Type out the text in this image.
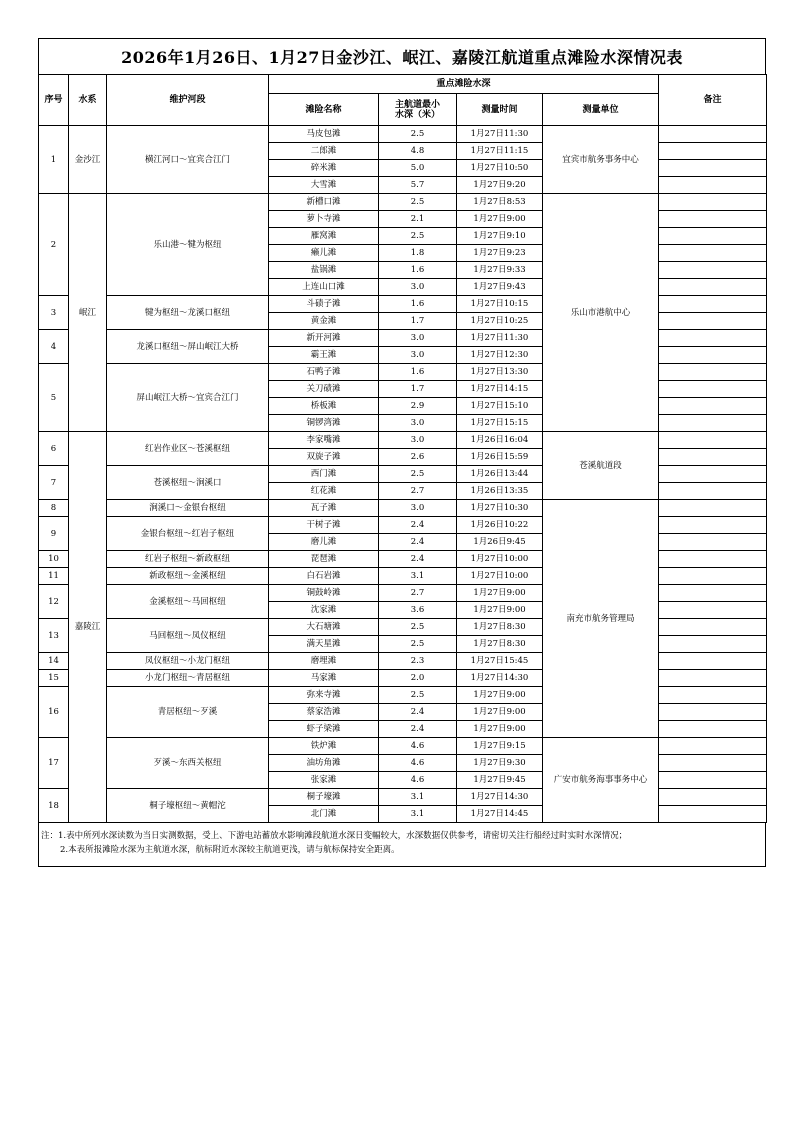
2026年1月26日、1月27日金沙江、岷江、嘉陵江航道重点滩险水深情况表
序号	水系	维护河段	重点滩险水深				备注
			滩险名称	主航道最小
水深（米）	测量时间	测量单位	
1	金沙江	横江河口～宜宾合江门	马皮包滩	2.5	1月27日11:30	宜宾市航务事务中心	
			二郎滩	4.8	1月27日11:15		
			碎米滩	5.0	1月27日10:50		
			大雪滩	5.7	1月27日9:20		
2	岷江	乐山港～犍为枢纽	新槽口滩	2.5	1月27日8:53	乐山市港航中心	
			萝卜寺滩	2.1	1月27日9:00		
			雁窝滩	2.5	1月27日9:10		
			癞儿滩	1.8	1月27日9:23		
			盐锅滩	1.6	1月27日9:33		
			上连山口滩	3.0	1月27日9:43		
3		犍为枢纽～龙溪口枢纽	斗碛子滩	1.6	1月27日10:15		
			黄金滩	1.7	1月27日10:25		
4		龙溪口枢纽～屏山岷江大桥	新开河滩	3.0	1月27日11:30		
			霸王滩	3.0	1月27日12:30		
5		屏山岷江大桥～宜宾合江门	石鸭子滩	1.6	1月27日13:30		
			关刀碛滩	1.7	1月27日14:15		
			桥板滩	2.9	1月27日15:10		
			铜锣湾滩	3.0	1月27日15:15		
6	嘉陵江	红岩作业区～苍溪枢纽	李家嘴滩	3.0	1月26日16:04	苍溪航道段	
			双旋子滩	2.6	1月26日15:59		
7		苍溪枢纽～涧溪口	西门滩	2.5	1月26日13:44		
			红花滩	2.7	1月26日13:35		
8		涧溪口～金银台枢纽	瓦子滩	3.0	1月27日10:30	南充市航务管理局	
9		金银台枢纽～红岩子枢纽	干树子滩	2.4	1月26日10:22		
			磨儿滩	2.4	1月26日9:45		
10		红岩子枢纽～新政枢纽	琵琶滩	2.4	1月27日10:00		
11		新政枢纽～金溪枢纽	白石岩滩	3.1	1月27日10:00		
12		金溪枢纽～马回枢纽	铜鼓岭滩	2.7	1月27日9:00		
			沈家滩	3.6	1月27日9:00		
13		马回枢纽～凤仪枢纽	大石塘滩	2.5	1月27日8:30		
			满天星滩	2.5	1月27日8:30		
14		凤仪枢纽～小龙门枢纽	磨埋滩	2.3	1月27日15:45		
15		小龙门枢纽～青居枢纽	马家滩	2.0	1月27日14:30		
16		青居枢纽～歹溪	弥来寺滩	2.5	1月27日9:00		
			蔡家浩滩	2.4	1月27日9:00		
			虾子梁滩	2.4	1月27日9:00		
17		歹溪～东西关枢纽	铁炉滩	4.6	1月27日9:15	广安市航务海事事务中心	
			油坊角滩	4.6	1月27日9:30		
			张家滩	4.6	1月27日9:45		
18		桐子壕枢纽～黄帽沱	桐子壕滩	3.1	1月27日14:30		
			北门滩	3.1	1月27日14:45		
注：1.表中所列水深读数为当日实测数据，受上、下游电站蓄放水影响滩段航道水深日变幅较大，水深数据仅供参考，请密切关注行船经过时实时水深情况；
2.本表所报滩险水深为主航道水深，航标附近水深较主航道更浅，请与航标保持安全距离。
